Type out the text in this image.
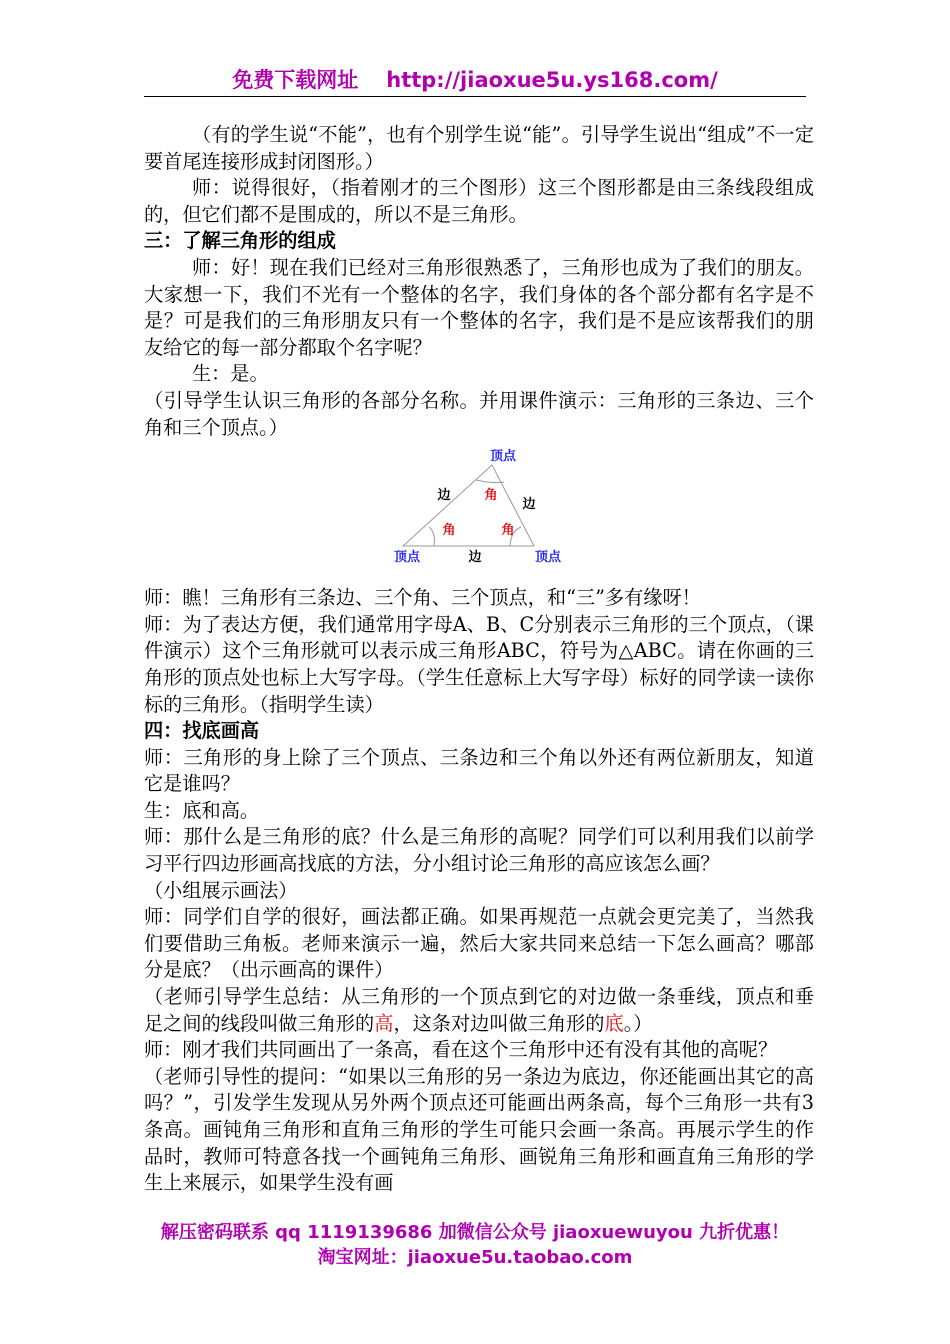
免费下载网址 http://jiaoxue5u.ys168.com/

（有的学生说“不能”，也有个别学生说“能”。引导学生说出“组成”不一定要首尾连接形成封闭图形。）

师：说得很好，（指着刚才的三个图形）这三个图形都是由三条线段组成的，但它们都不是围成的，所以不是三角形。

三：了解三角形的组成

师：好！现在我们已经对三角形很熟悉了，三角形也成为了我们的朋友。大家想一下，我们不光有一个整体的名字，我们身体的各个部分都有名字是不是？可是我们的三角形朋友只有一个整体的名字，我们是不是应该帮我们的朋友给它的每一部分都取个名字呢？

生：是。

（引导学生认识三角形的各部分名称。并用课件演示：三角形的三条边、三个角和三个顶点。）

顶点
顶点	顶点
边
边
边
角
角	角

师：瞧！三角形有三条边、三个角、三个顶点，和“三”多有缘呀！

师：为了表达方便，我们通常用字母A、B、C分别表示三角形的三个顶点，（课件演示）这个三角形就可以表示成三角形ABC，符号为△ABC。请在你画的三角形的顶点处也标上大写字母。（学生任意标上大写字母）标好的同学读一读你标的三角形。（指明学生读）

四：找底画高

师：三角形的身上除了三个顶点、三条边和三个角以外还有两位新朋友，知道它是谁吗？

生：底和高。

师：那什么是三角形的底？什么是三角形的高呢？同学们可以利用我们以前学习平行四边形画高找底的方法，分小组讨论三角形的高应该怎么画？

（小组展示画法）

师：同学们自学的很好，画法都正确。如果再规范一点就会更完美了，当然我们要借助三角板。老师来演示一遍，然后大家共同来总结一下怎么画高？哪部分是底？（出示画高的课件）

（老师引导学生总结：从三角形的一个顶点到它的对边做一条垂线，顶点和垂足之间的线段叫做三角形的高，这条对边叫做三角形的底。）

师：刚才我们共同画出了一条高，看在这个三角形中还有没有其他的高呢？

（老师引导性的提问：“如果以三角形的另一条边为底边，你还能画出其它的高吗？”，引发学生发现从另外两个顶点还可能画出两条高，每个三角形一共有3条高。画钝角三角形和直角三角形的学生可能只会画一条高。再展示学生的作品时，教师可特意各找一个画钝角三角形、画锐角三角形和画直角三角形的学生上来展示，如果学生没有画

解压密码联系 qq 1119139686 加微信公众号 jiaoxuewuyou 九折优惠！
淘宝网址：jiaoxue5u.taobao.com
